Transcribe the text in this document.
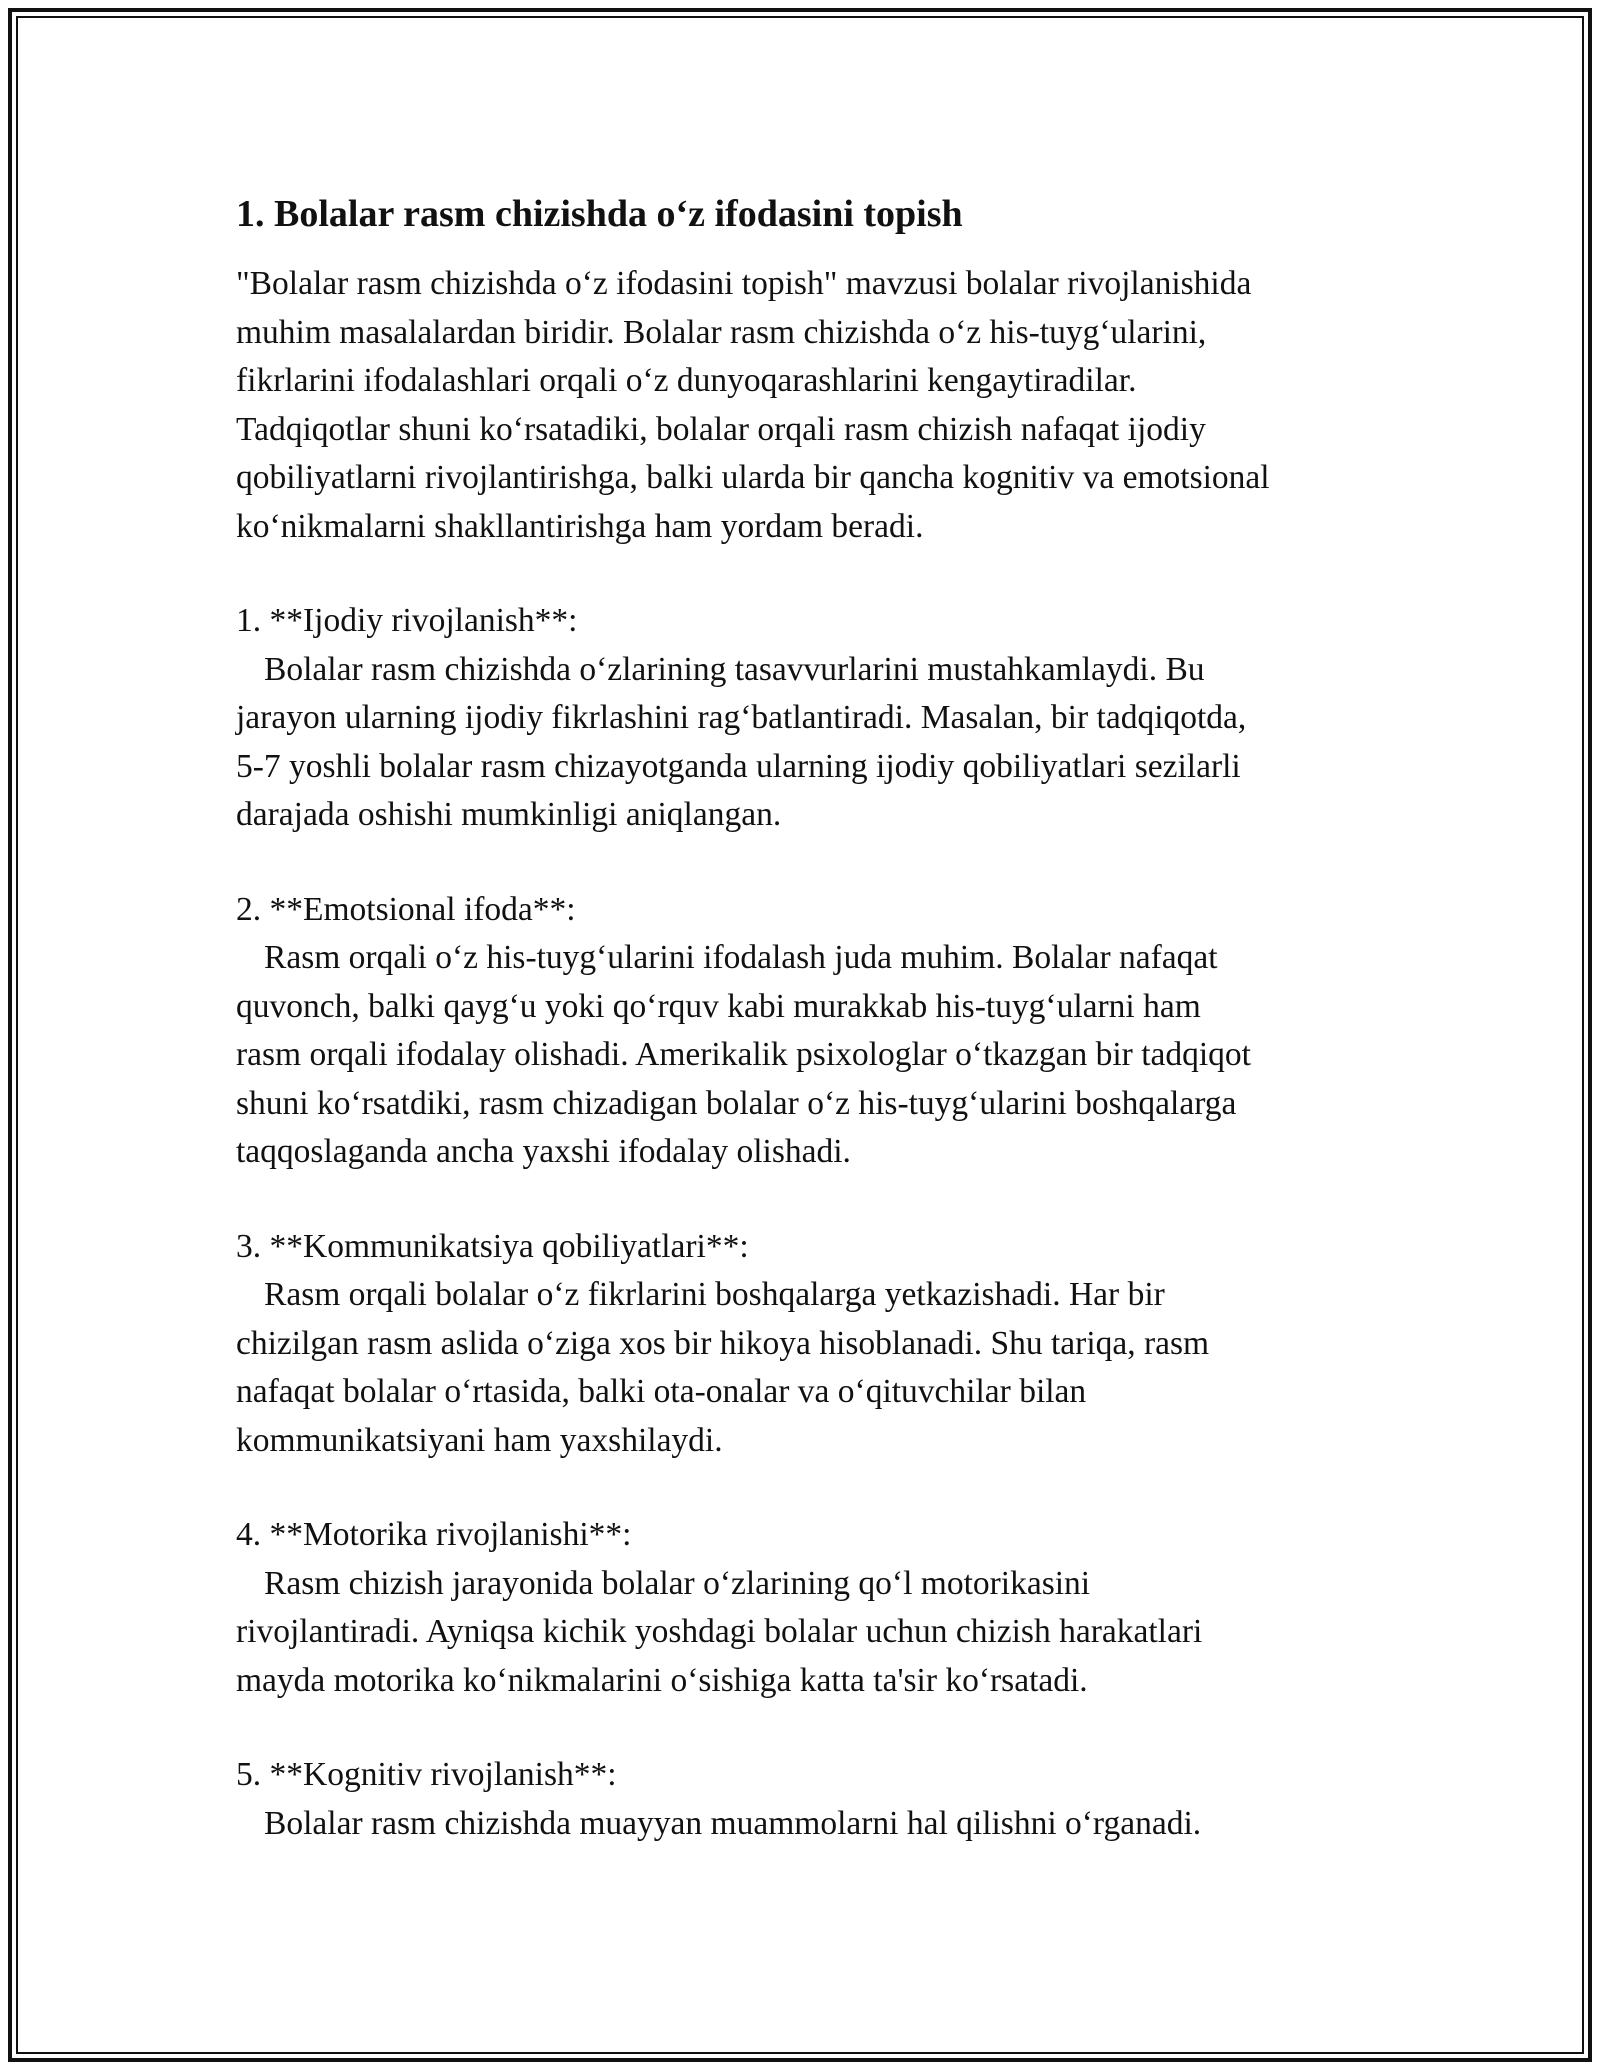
1. Bolalar rasm chizishda o‘z ifodasini topish

"Bolalar rasm chizishda o‘z ifodasini topish" mavzusi bolalar rivojlanishida
muhim masalalardan biridir. Bolalar rasm chizishda o‘z his-tuyg‘ularini,
fikrlarini ifodalashlari orqali o‘z dunyoqarashlarini kengaytiradilar.
Tadqiqotlar shuni ko‘rsatadiki, bolalar orqali rasm chizish nafaqat ijodiy
qobiliyatlarni rivojlantirishga, balki ularda bir qancha kognitiv va emotsional
ko‘nikmalarni shakllantirishga ham yordam beradi.

1. **Ijodiy rivojlanish**:

Bolalar rasm chizishda o‘zlarining tasavvurlarini mustahkamlaydi. Bu
jarayon ularning ijodiy fikrlashini rag‘batlantiradi. Masalan, bir tadqiqotda,
5-7 yoshli bolalar rasm chizayotganda ularning ijodiy qobiliyatlari sezilarli
darajada oshishi mumkinligi aniqlangan.

2. **Emotsional ifoda**:

Rasm orqali o‘z his-tuyg‘ularini ifodalash juda muhim. Bolalar nafaqat
quvonch, balki qayg‘u yoki qo‘rquv kabi murakkab his-tuyg‘ularni ham
rasm orqali ifodalay olishadi. Amerikalik psixologlar o‘tkazgan bir tadqiqot
shuni ko‘rsatdiki, rasm chizadigan bolalar o‘z his-tuyg‘ularini boshqalarga
taqqoslaganda ancha yaxshi ifodalay olishadi.

3. **Kommunikatsiya qobiliyatlari**:

Rasm orqali bolalar o‘z fikrlarini boshqalarga yetkazishadi. Har bir
chizilgan rasm aslida o‘ziga xos bir hikoya hisoblanadi. Shu tariqa, rasm
nafaqat bolalar o‘rtasida, balki ota-onalar va o‘qituvchilar bilan
kommunikatsiyani ham yaxshilaydi.

4. **Motorika rivojlanishi**:

Rasm chizish jarayonida bolalar o‘zlarining qo‘l motorikasini
rivojlantiradi. Ayniqsa kichik yoshdagi bolalar uchun chizish harakatlari
mayda motorika ko‘nikmalarini o‘sishiga katta ta'sir ko‘rsatadi.

5. **Kognitiv rivojlanish**:

Bolalar rasm chizishda muayyan muammolarni hal qilishni o‘rganadi.
